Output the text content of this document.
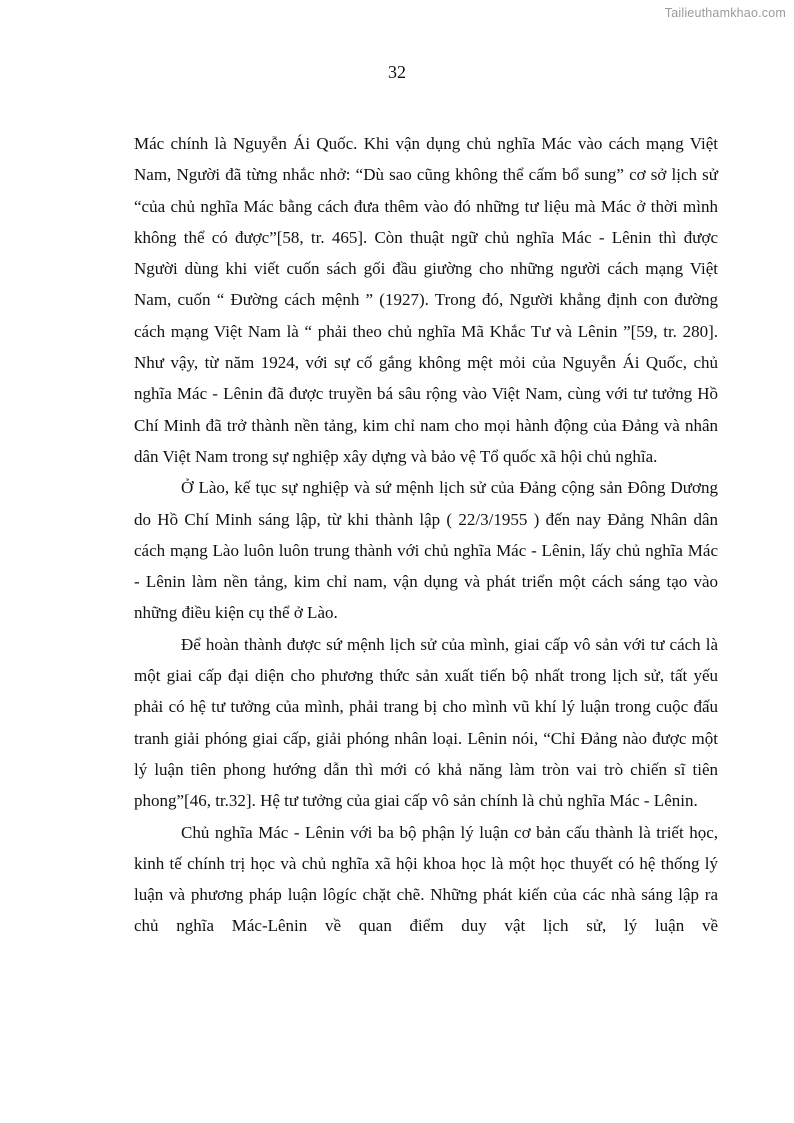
Tailieuthamkhao.com
32

Mác chính là Nguyễn Ái Quốc. Khi vận dụng chủ nghĩa Mác vào cách mạng Việt Nam, Người đã từng nhắc nhở: “Dù sao cũng không thể cấm bổ sung” cơ sở lịch sử “của chủ nghĩa Mác bằng cách đưa thêm vào đó những tư liệu mà Mác ở thời mình không thể có được”[58, tr. 465]. Còn thuật ngữ chủ nghĩa Mác - Lênin thì được Người dùng khi viết cuốn sách gối đầu giường cho những người cách mạng Việt Nam, cuốn “ Đường cách mệnh ” (1927). Trong đó, Người khẳng định con đường cách mạng Việt Nam là “ phải theo chủ nghĩa Mã Khắc Tư và Lênin ”[59, tr. 280]. Như vậy, từ năm 1924, với sự cố gắng không mệt mỏi của Nguyễn Ái Quốc, chủ nghĩa Mác - Lênin đã được truyền bá sâu rộng vào Việt Nam, cùng với tư tưởng Hồ Chí Minh đã trở thành nền tảng, kim chỉ nam cho mọi hành động của Đảng và nhân dân Việt Nam trong sự nghiệp xây dựng và bảo vệ Tổ quốc xã hội chủ nghĩa.

Ở Lào, kế tục sự nghiệp và sứ mệnh lịch sử của Đảng cộng sản Đông Dương do Hồ Chí Minh sáng lập, từ khi thành lập ( 22/3/1955 ) đến nay Đảng Nhân dân cách mạng Lào luôn luôn trung thành với chủ nghĩa Mác - Lênin, lấy chủ nghĩa Mác - Lênin làm nền tảng, kim chỉ nam, vận dụng và phát triển một cách sáng tạo vào những điều kiện cụ thể ở Lào.

Để hoàn thành được sứ mệnh lịch sử của mình, giai cấp vô sản với tư cách là một giai cấp đại diện cho phương thức sản xuất tiến bộ nhất trong lịch sử, tất yếu phải có hệ tư tưởng của mình, phải trang bị cho mình vũ khí lý luận trong cuộc đấu tranh giải phóng giai cấp, giải phóng nhân loại. Lênin nói, “Chỉ Đảng nào được một lý luận tiên phong hướng dẫn thì mới có khả năng làm tròn vai trò chiến sĩ tiên phong”[46, tr.32]. Hệ tư tưởng của giai cấp vô sản chính là chủ nghĩa Mác - Lênin.

Chủ nghĩa Mác - Lênin với ba bộ phận lý luận cơ bản cấu thành là triết học, kinh tế chính trị học và chủ nghĩa xã hội khoa học là một học thuyết có hệ thống lý luận và phương pháp luận lôgíc chặt chẽ. Những phát kiến của các nhà sáng lập ra chủ nghĩa Mác-Lênin về quan điểm duy vật lịch sử, lý luận về
